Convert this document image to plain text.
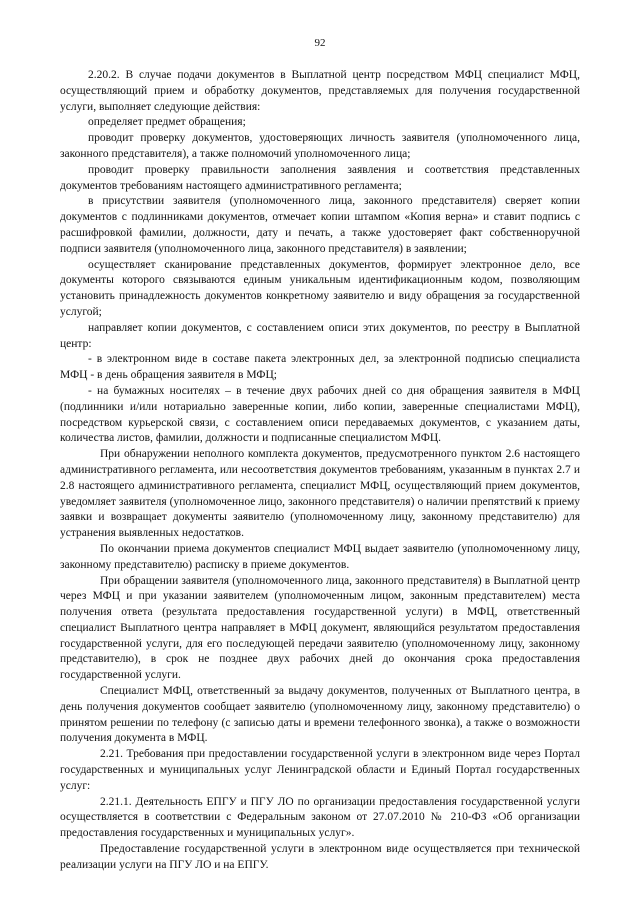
92

2.20.2. В случае подачи документов в Выплатной центр посредством МФЦ специалист МФЦ, осуществляющий прием и обработку документов, представляемых для получения государственной услуги, выполняет следующие действия:

определяет предмет обращения;

проводит проверку документов, удостоверяющих личность заявителя (уполномоченного лица, законного представителя), а также полномочий уполномоченного лица;

проводит проверку правильности заполнения заявления и соответствия представленных документов требованиям настоящего административного регламента;

в присутствии заявителя (уполномоченного лица, законного представителя) сверяет копии документов с подлинниками документов, отмечает копии штампом «Копия верна» и ставит подпись с расшифровкой фамилии, должности, дату и печать, а также удостоверяет факт собственноручной подписи заявителя (уполномоченного лица, законного представителя) в заявлении;

осуществляет сканирование представленных документов, формирует электронное дело, все документы которого связываются единым уникальным идентификационным кодом, позволяющим установить принадлежность документов конкретному заявителю и виду обращения за государственной услугой;

направляет копии документов, с составлением описи этих документов, по реестру в Выплатной центр:

- в электронном виде в составе пакета электронных дел, за электронной подписью специалиста МФЦ - в день обращения заявителя в МФЦ;

- на бумажных носителях – в течение двух рабочих дней со дня обращения заявителя в МФЦ (подлинники и/или нотариально заверенные копии, либо копии, заверенные специалистами МФЦ), посредством курьерской связи, с составлением описи передаваемых документов, с указанием даты, количества листов, фамилии, должности и подписанные специалистом МФЦ.

При обнаружении неполного комплекта документов, предусмотренного пунктом 2.6 настоящего административного регламента, или несоответствия документов требованиям, указанным в пунктах 2.7 и 2.8 настоящего административного регламента, специалист МФЦ, осуществляющий прием документов, уведомляет заявителя (уполномоченное лицо, законного представителя) о наличии препятствий к приему заявки и возвращает документы заявителю (уполномоченному лицу, законному представителю) для устранения выявленных недостатков.

По окончании приема документов специалист МФЦ выдает заявителю (уполномоченному лицу, законному представителю) расписку в приеме документов.

При обращении заявителя (уполномоченного лица, законного представителя) в Выплатной центр через МФЦ и при указании заявителем (уполномоченным лицом, законным представителем) места получения ответа (результата предоставления государственной услуги) в МФЦ, ответственный специалист Выплатного центра направляет в МФЦ документ, являющийся результатом предоставления государственной услуги, для его последующей передачи заявителю (уполномоченному лицу, законному представителю), в срок не позднее двух рабочих дней до окончания срока предоставления государственной услуги.

Специалист МФЦ, ответственный за выдачу документов, полученных от Выплатного центра, в день получения документов сообщает заявителю (уполномоченному лицу, законному представителю) о принятом решении по телефону (с записью даты и времени телефонного звонка), а также о возможности получения документа в МФЦ.

2.21. Требования при предоставлении государственной услуги в электронном виде через Портал государственных и муниципальных услуг Ленинградской области и Единый Портал государственных услуг:

2.21.1. Деятельность ЕПГУ и ПГУ ЛО по организации предоставления государственной услуги осуществляется в соответствии с Федеральным законом от 27.07.2010 № 210-ФЗ «Об организации предоставления государственных и муниципальных услуг».

Предоставление государственной услуги в электронном виде осуществляется при технической реализации услуги на ПГУ ЛО и на ЕПГУ.
